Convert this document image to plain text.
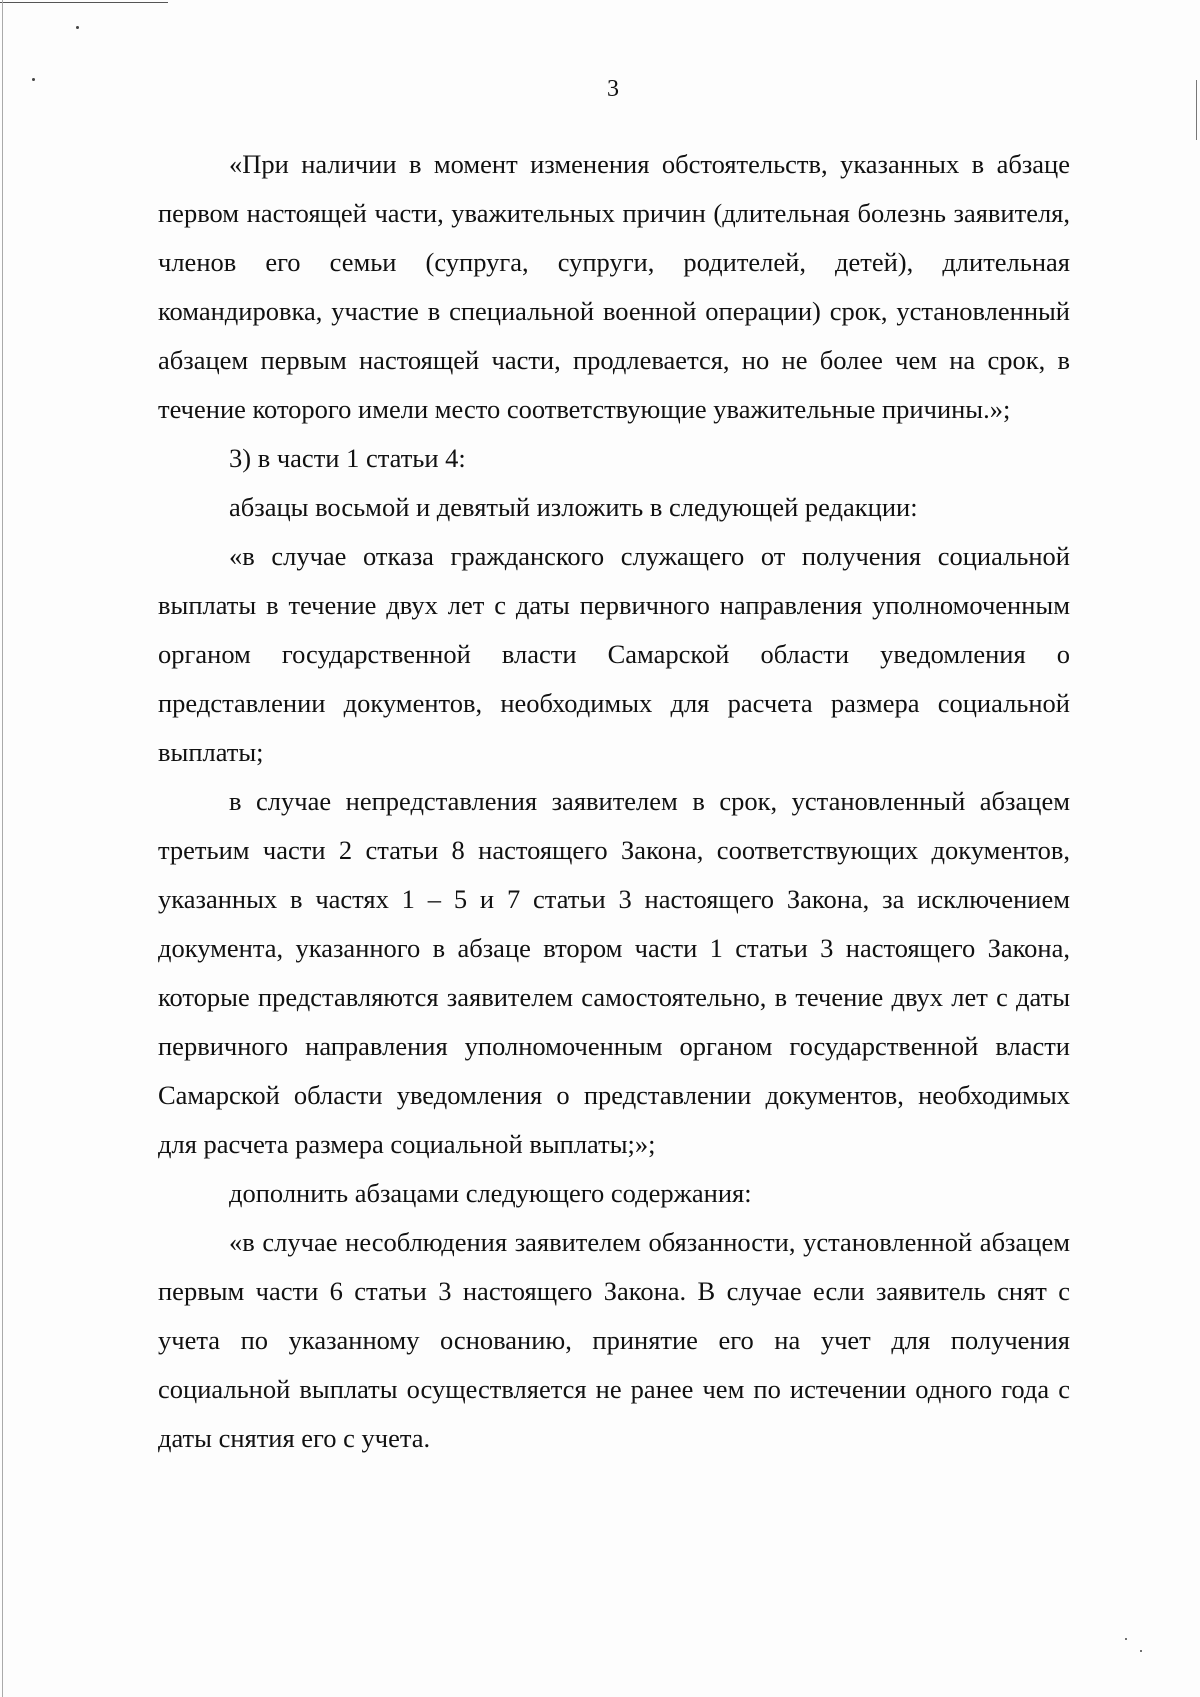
3

«При наличии в момент изменения обстоятельств, указанных в абзаце первом настоящей части, уважительных причин (длительная болезнь заявителя, членов его семьи (супруга, супруги, родителей, детей), длительная командировка, участие в специальной военной операции) срок, установленный абзацем первым настоящей части, продлевается, но не более чем на срок, в течение которого имели место соответствующие уважительные причины.»;

3) в части 1 статьи 4:

абзацы восьмой и девятый изложить в следующей редакции:

«в случае отказа гражданского служащего от получения социальной выплаты в течение двух лет с даты первичного направления уполномоченным органом государственной власти Самарской области уведомления о представлении документов, необходимых для расчета размера социальной выплаты;

в случае непредставления заявителем в срок, установленный абзацем третьим части 2 статьи 8 настоящего Закона, соответствующих документов, указанных в частях 1 – 5 и 7 статьи 3 настоящего Закона, за исключением документа, указанного в абзаце втором части 1 статьи 3 настоящего Закона, которые представляются заявителем самостоятельно, в течение двух лет с даты первичного направления уполномоченным органом государственной власти Самарской области уведомления о представлении документов, необходимых для расчета размера социальной выплаты;»;

дополнить абзацами следующего содержания:

«в случае несоблюдения заявителем обязанности, установленной абзацем первым части 6 статьи 3 настоящего Закона. В случае если заявитель снят с учета по указанному основанию, принятие его на учет для получения социальной выплаты осуществляется не ранее чем по истечении одного года с даты снятия его с учета.
